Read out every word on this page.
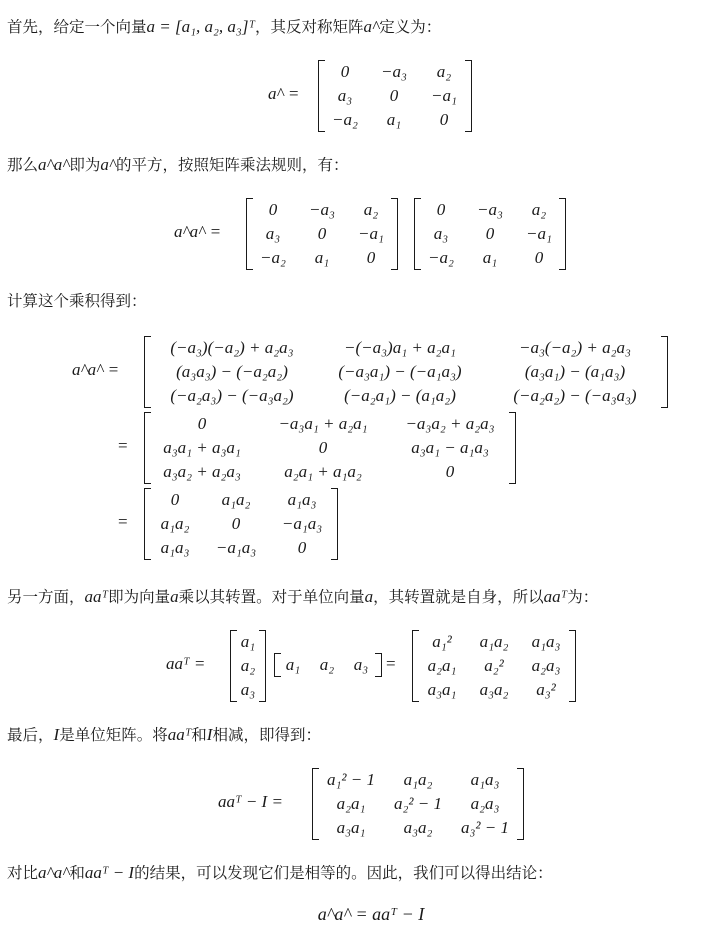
首先，给定一个向量a = [a₁, a₂, a₃]ᵀ，其反对称矩阵a^定义为：
a^ =
0	−a₃	a₂
a₃	0	−a₁
−a₂	a₁	0
那么a^a^即为a^的平方，按照矩阵乘法规则，有：
a^a^ =
0	−a₃	a₂
a₃	0	−a₁
−a₂	a₁	0
0	−a₃	a₂
a₃	0	−a₁
−a₂	a₁	0
计算这个乘积得到：
a^a^ =
(−a₃)(−a₂) + a₂a₃	−(−a₃)a₁ + a₂a₁	−a₃(−a₂) + a₂a₃
(a₃a₃) − (−a₂a₂)	(−a₃a₁) − (−a₁a₃)	(a₃a₁) − (a₁a₃)
(−a₂a₃) − (−a₃a₂)	(−a₂a₁) − (a₁a₂)	(−a₂a₂) − (−a₃a₃)
=
0	−a₃a₁ + a₂a₁	−a₃a₂ + a₂a₃
a₃a₁ + a₃a₁	0	a₃a₁ − a₁a₃
a₃a₂ + a₂a₃	a₂a₁ + a₁a₂	0
=
0	a₁a₂	a₁a₃
a₁a₂	0	−a₁a₃
a₁a₃	−a₁a₃	0
另一方面，aaᵀ即为向量a乘以其转置。对于单位向量a，其转置就是自身，所以aaᵀ为：
aaᵀ =
a₁
a₂
a₃
a₁	a₂	a₃	=
a₁²	a₁a₂	a₁a₃
a₂a₁	a₂²	a₂a₃
a₃a₁	a₃a₂	a₃²
最后，I是单位矩阵。将aaᵀ和I相减，即得到：
aaᵀ − I =
a₁² − 1	a₁a₂	a₁a₃
a₂a₁	a₂² − 1	a₂a₃
a₃a₁	a₃a₂	a₃² − 1
对比a^a^和aaᵀ − I的结果，可以发现它们是相等的。因此，我们可以得出结论：
a^a^ = aaᵀ − I
